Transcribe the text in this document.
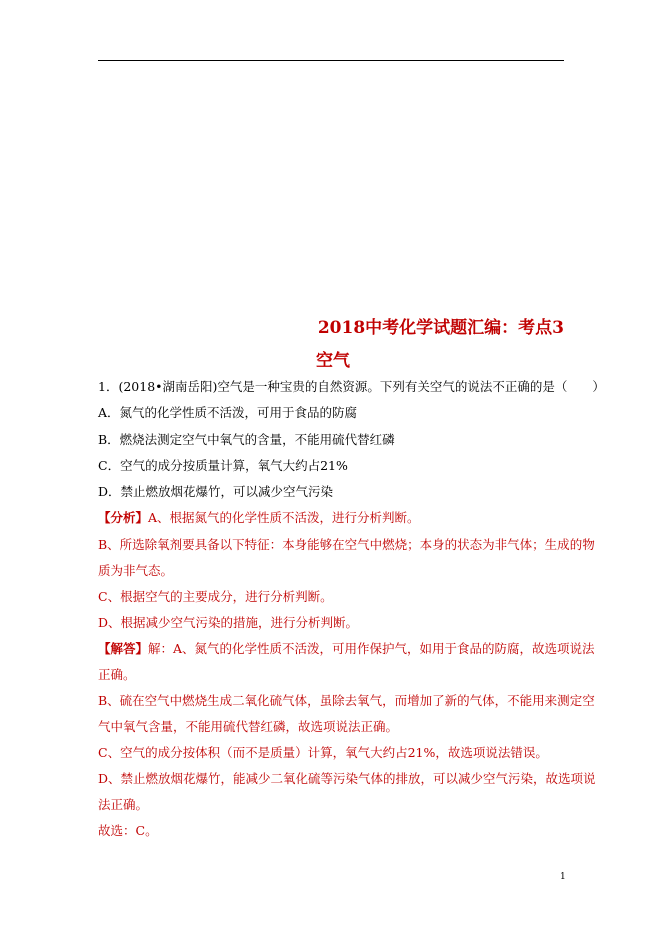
2018中考化学试题汇编：考点3
空气
1．(2018•湖南岳阳)空气是一种宝贵的自然资源。下列有关空气的说法不正确的是（　　）
A．氮气的化学性质不活泼，可用于食品的防腐
B．燃烧法测定空气中氧气的含量，不能用硫代替红磷
C．空气的成分按质量计算，氧气大约占21%
D．禁止燃放烟花爆竹，可以减少空气污染
【分析】A、根据氮气的化学性质不活泼，进行分析判断。
B、所选除氧剂要具备以下特征：本身能够在空气中燃烧；本身的状态为非气体；生成的物
质为非气态。
C、根据空气的主要成分，进行分析判断。
D、根据减少空气污染的措施，进行分析判断。
【解答】解：A、氮气的化学性质不活泼，可用作保护气，如用于食品的防腐，故选项说法
正确。
B、硫在空气中燃烧生成二氧化硫气体，虽除去氧气，而增加了新的气体，不能用来测定空
气中氧气含量，不能用硫代替红磷，故选项说法正确。
C、空气的成分按体积（而不是质量）计算，氧气大约占21%，故选项说法错误。
D、禁止燃放烟花爆竹，能减少二氧化硫等污染气体的排放，可以减少空气污染，故选项说
法正确。
故选：C。
1
